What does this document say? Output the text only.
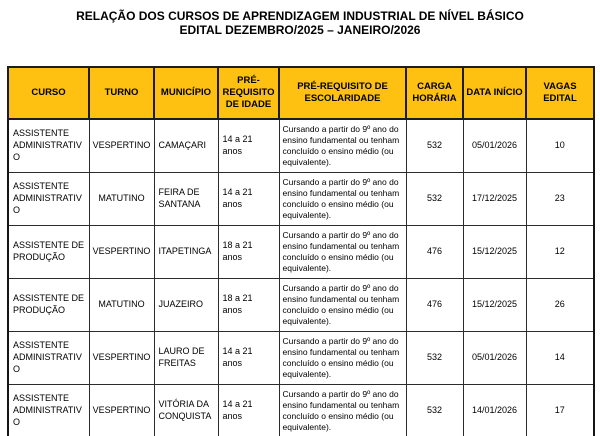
RELAÇÃO DOS CURSOS DE APRENDIZAGEM INDUSTRIAL DE NÍVEL BÁSICO
EDITAL DEZEMBRO/2025 – JANEIRO/2026
CURSO	TURNO	MUNICÍPIO	PRÉ-REQUISITO DE IDADE	PRÉ-REQUISITO DE ESCOLARIDADE	CARGA HORÁRIA	DATA INÍCIO	VAGAS EDITAL
ASSISTENTE ADMINISTRATIVO	VESPERTINO	CAMAÇARI	14 a 21 anos	Cursando a partir do 9º ano do ensino fundamental ou tenham concluído o ensino médio (ou equivalente).	532	05/01/2026	10
ASSISTENTE ADMINISTRATIVO	MATUTINO	FEIRA DE SANTANA	14 a 21 anos	Cursando a partir do 9º ano do ensino fundamental ou tenham concluído o ensino médio (ou equivalente).	532	17/12/2025	23
ASSISTENTE DE PRODUÇÃO	VESPERTINO	ITAPETINGA	18 a 21 anos	Cursando a partir do 9º ano do ensino fundamental ou tenham concluído o ensino médio (ou equivalente).	476	15/12/2025	12
ASSISTENTE DE PRODUÇÃO	MATUTINO	JUAZEIRO	18 a 21 anos	Cursando a partir do 9º ano do ensino fundamental ou tenham concluído o ensino médio (ou equivalente).	476	15/12/2025	26
ASSISTENTE ADMINISTRATIVO	VESPERTINO	LAURO DE FREITAS	14 a 21 anos	Cursando a partir do 9º ano do ensino fundamental ou tenham concluído o ensino médio (ou equivalente).	532	05/01/2026	14
ASSISTENTE ADMINISTRATIVO	VESPERTINO	VITÓRIA DA CONQUISTA	14 a 21 anos	Cursando a partir do 9º ano do ensino fundamental ou tenham concluído o ensino médio (ou equivalente).	532	14/01/2026	17
